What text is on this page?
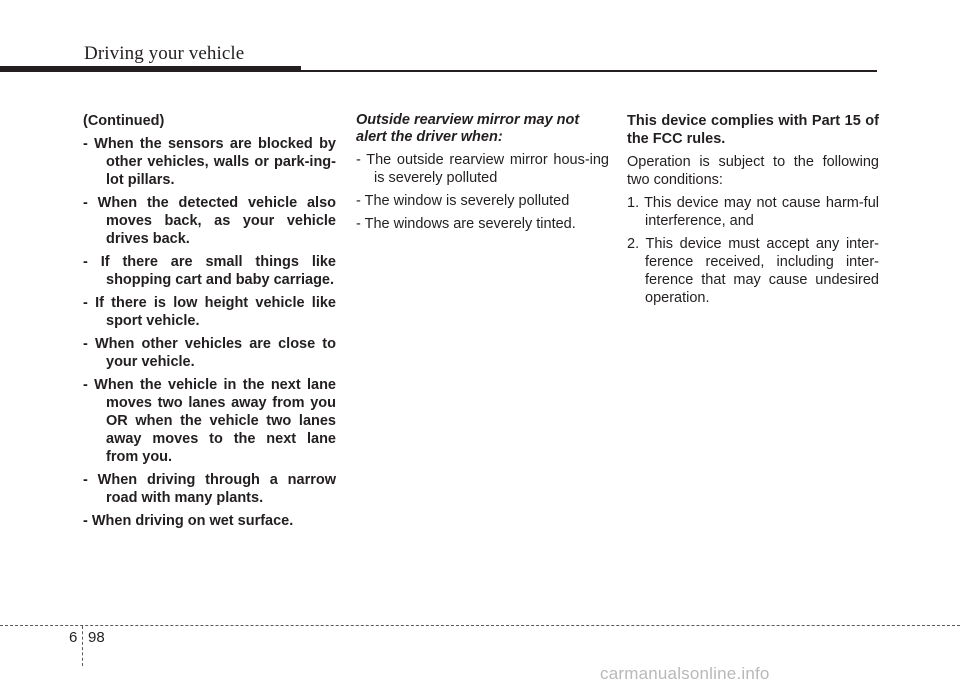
Driving your vehicle
(Continued)
- When the sensors are blocked by other vehicles, walls or park-ing-lot pillars.
- When the detected vehicle also moves back, as your vehicle drives back.
- If there are small things like shopping cart and baby carriage.
- If there is low height vehicle like sport vehicle.
- When other vehicles are close to your vehicle.
- When the vehicle in the next lane moves two lanes away from you OR when the vehicle two lanes away moves to the next lane from you.
- When driving through a narrow road with many plants.
- When driving on wet surface.
Outside rearview mirror may not alert the driver when:
- The outside rearview mirror hous-ing is severely polluted
- The window is severely polluted
- The windows are severely tinted.
This device complies with Part 15 of the FCC rules.
Operation is subject to the following two conditions:
1. This device may not cause harm-ful interference, and
2. This device must accept any inter-ference received, including inter-ference that may cause undesired operation.
6 98
carmanualsonline.info
